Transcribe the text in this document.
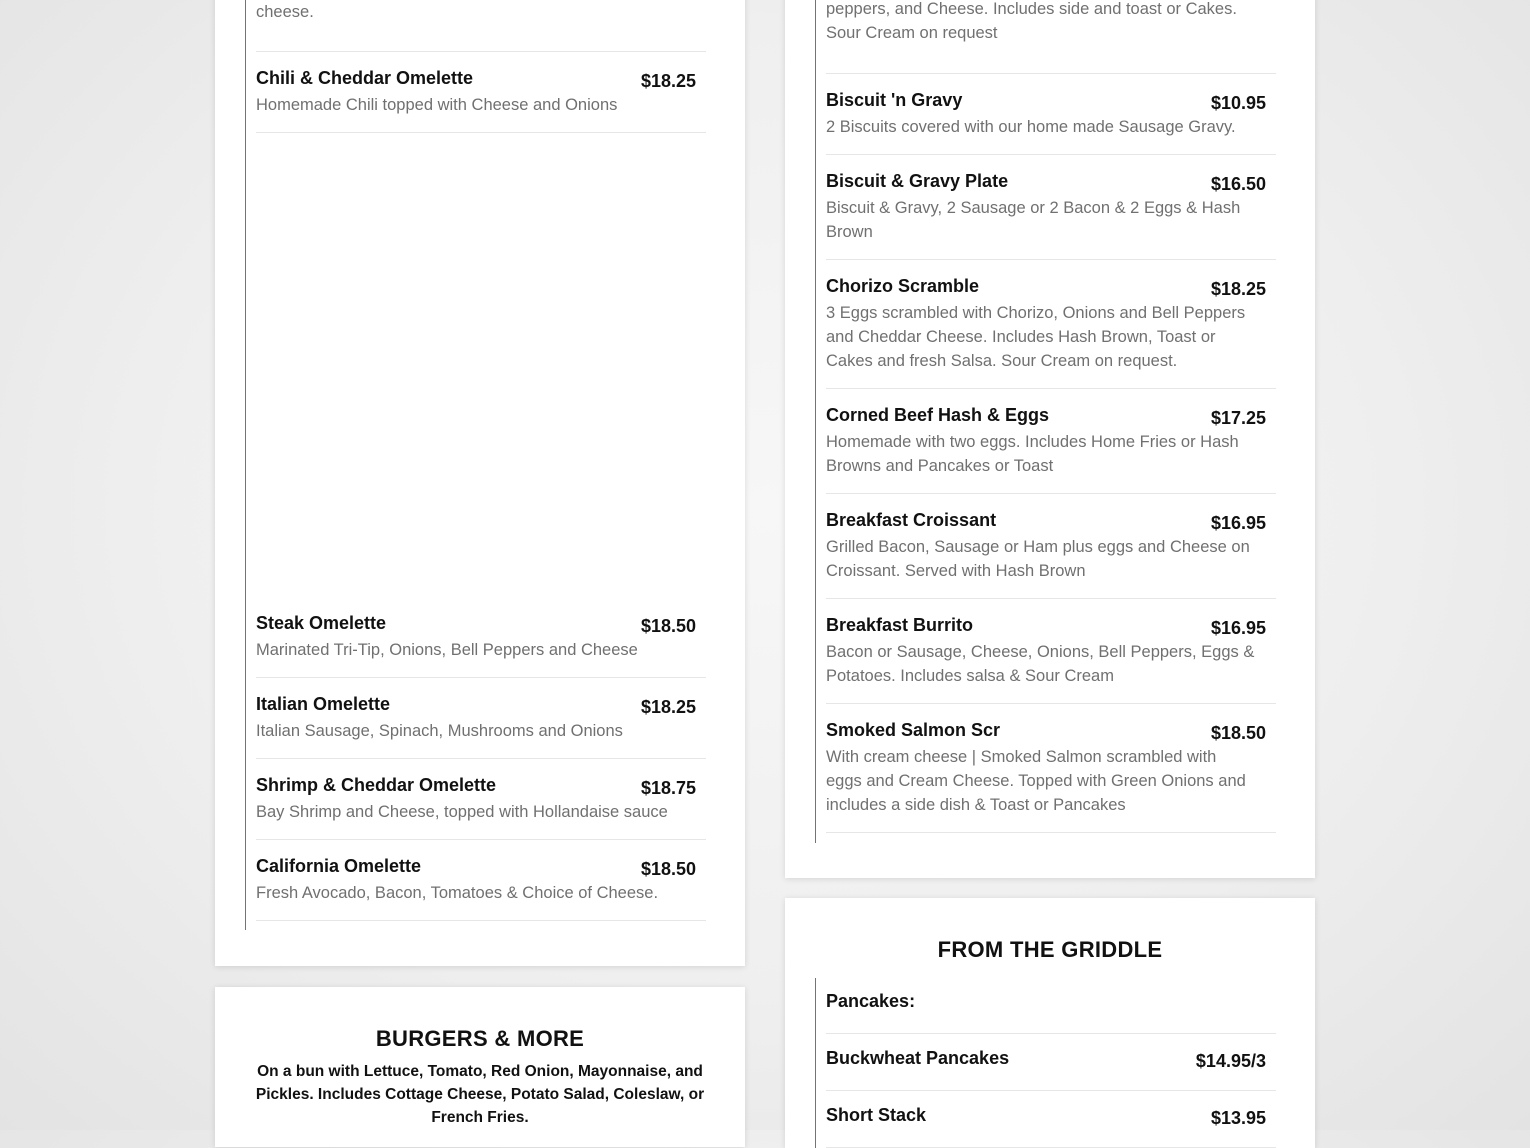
cheese.
Chili & Cheddar Omelette	$18.25
Homemade Chili topped with Cheese and Onions
Steak Omelette	$18.50
Marinated Tri-Tip, Onions, Bell Peppers and Cheese
Italian Omelette	$18.25
Italian Sausage, Spinach, Mushrooms and Onions
Shrimp & Cheddar Omelette	$18.75
Bay Shrimp and Cheese, topped with Hollandaise sauce
California Omelette	$18.50
Fresh Avocado, Bacon, Tomatoes & Choice of Cheese.
BURGERS & MORE
On a bun with Lettuce, Tomato, Red Onion, Mayonnaise, and Pickles. Includes Cottage Cheese, Potato Salad, Coleslaw, or French Fries.
peppers, and Cheese. Includes side and toast or Cakes. Sour Cream on request
Biscuit 'n Gravy	$10.95
2 Biscuits covered with our home made Sausage Gravy.
Biscuit & Gravy Plate	$16.50
Biscuit & Gravy, 2 Sausage or 2 Bacon & 2 Eggs & Hash Brown
Chorizo Scramble	$18.25
3 Eggs scrambled with Chorizo, Onions and Bell Peppers and Cheddar Cheese. Includes Hash Brown, Toast or Cakes and fresh Salsa. Sour Cream on request.
Corned Beef Hash & Eggs	$17.25
Homemade with two eggs. Includes Home Fries or Hash Browns and Pancakes or Toast
Breakfast Croissant	$16.95
Grilled Bacon, Sausage or Ham plus eggs and Cheese on Croissant. Served with Hash Brown
Breakfast Burrito	$16.95
Bacon or Sausage, Cheese, Onions, Bell Peppers, Eggs & Potatoes. Includes salsa & Sour Cream
Smoked Salmon Scr	$18.50
With cream cheese | Smoked Salmon scrambled with eggs and Cream Cheese. Topped with Green Onions and includes a side dish & Toast or Pancakes
FROM THE GRIDDLE
Pancakes:
Buckwheat Pancakes	$14.95/3
Short Stack	$13.95
